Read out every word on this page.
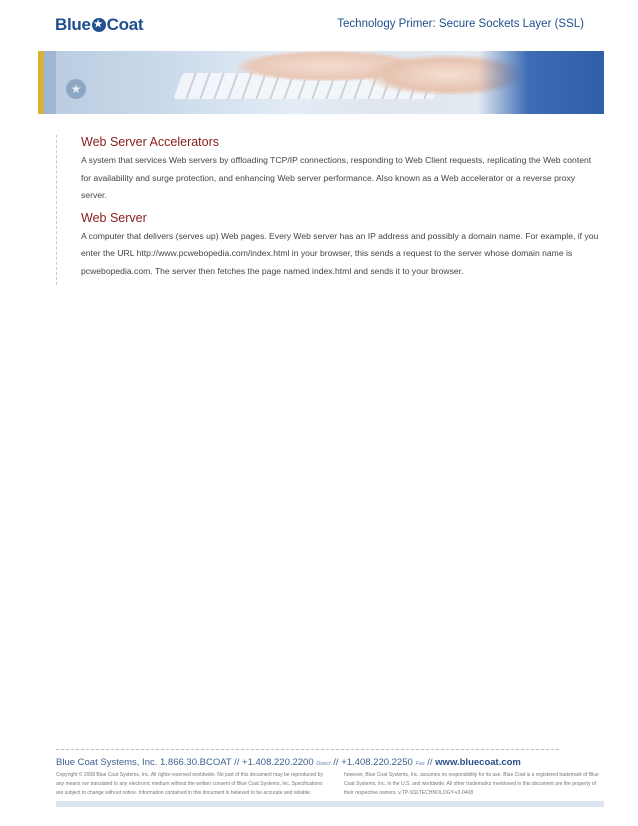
Blue
★ Coat	Technology Primer: Secure Sockets Layer (SSL)
★
Web Server Accelerators

A system that services Web servers by offloading TCP/IP connections, responding to Web Client requests, replicating the Web content for availability and surge protection, and enhancing Web server performance. Also known as a Web accelerator or a reverse proxy server.

Web Server

A computer that delivers (serves up) Web pages. Every Web server has an IP address and possibly a domain name. For example, if you enter the URL http://www.pcwebopedia.com/index.html in your browser, this sends a request to the server whose domain name is pcwebopedia.com. The server then fetches the page named index.html and sends it to your browser.

Blue Coat Systems, Inc. 1.866.30.BCOAT // +1.408.220.2200 Direct // +1.408.220.2250 Fax // www.bluecoat.com
Copyright © 2008 Blue Coat Systems, Inc. All rights reserved worldwide. No part of this document may be reproduced by any means nor translated to any electronic medium without the written consent of Blue Coat Systems, Inc. Specifications are subject to change without notice. Information contained in this document is believed to be accurate and reliable,
however, Blue Coat Systems, Inc. assumes no responsibility for its use. Blue Coat is a registered trademark of Blue Coat Systems, Inc. in the U.S. and worldwide. All other trademarks mentioned in this document are the property of their respective owners. v.TP-SSLTECHNOLOGY-v2-0408
